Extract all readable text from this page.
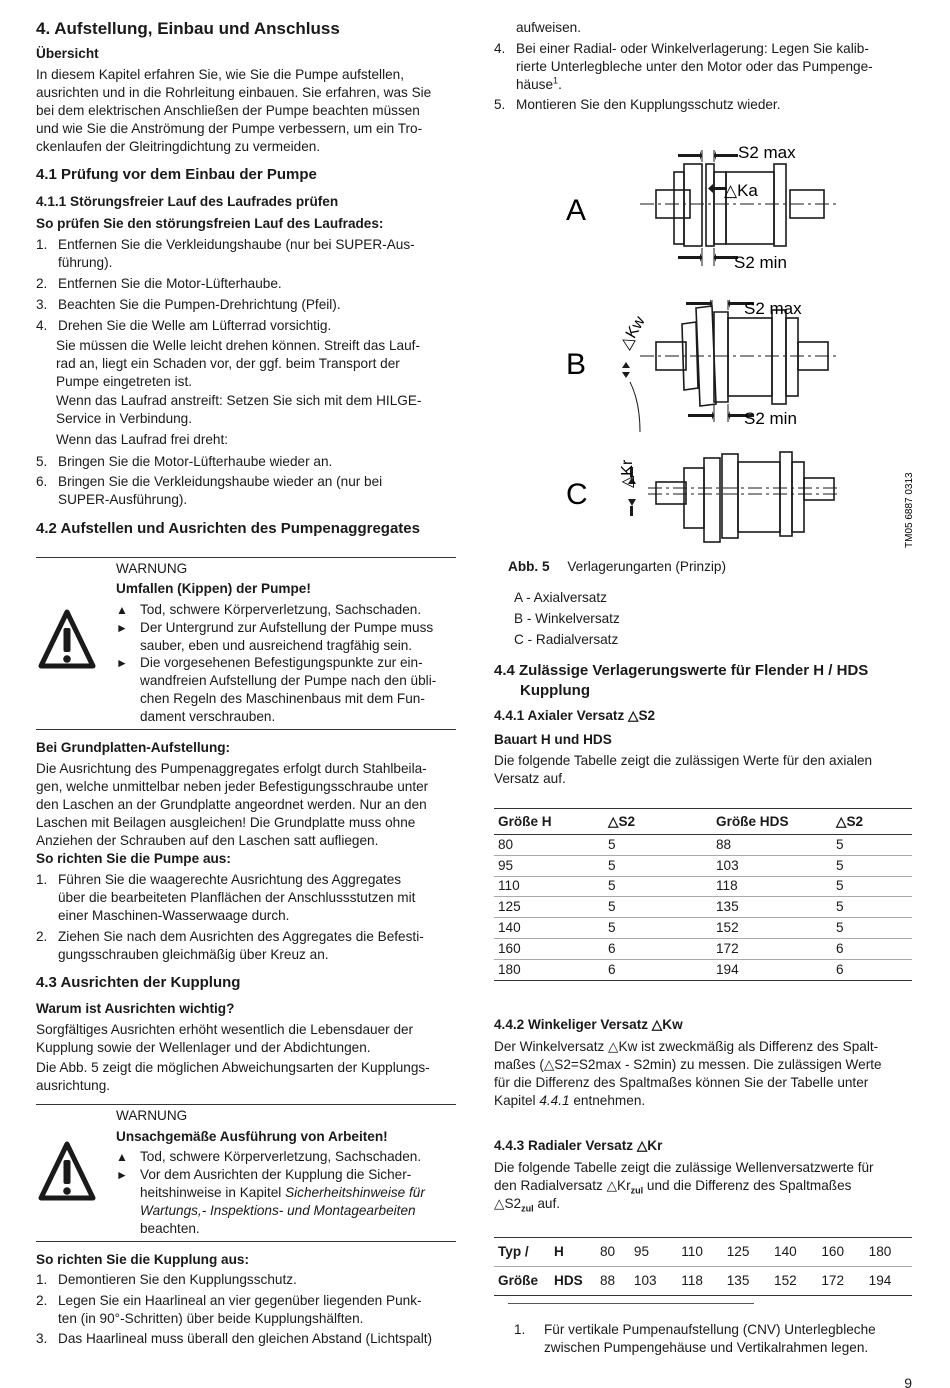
4. Aufstellung, Einbau und Anschluss
Übersicht
In diesem Kapitel erfahren Sie, wie Sie die Pumpe aufstellen,
ausrichten und in die Rohrleitung einbauen. Sie erfahren, was Sie
bei dem elektrischen Anschließen der Pumpe beachten müssen
und wie Sie die Anströmung der Pumpe verbessern, um ein Tro-
ckenlaufen der Gleitringdichtung zu vermeiden.
4.1 Prüfung vor dem Einbau der Pumpe
4.1.1 Störungsfreier Lauf des Laufrades prüfen
So prüfen Sie den störungsfreien Lauf des Laufrades:
1. Entfernen Sie die Verkleidungshaube (nur bei SUPER-Aus-
führung).
2. Entfernen Sie die Motor-Lüfterhaube.
3. Beachten Sie die Pumpen-Drehrichtung (Pfeil).
4. Drehen Sie die Welle am Lüfterrad vorsichtig.
Sie müssen die Welle leicht drehen können. Streift das Lauf-
rad an, liegt ein Schaden vor, der ggf. beim Transport der
Pumpe eingetreten ist.
Wenn das Laufrad anstreift: Setzen Sie sich mit dem HILGE-
Service in Verbindung.
Wenn das Laufrad frei dreht:
5. Bringen Sie die Motor-Lüfterhaube wieder an.
6. Bringen Sie die Verkleidungshaube wieder an (nur bei
SUPER-Ausführung).
4.2 Aufstellen und Ausrichten des Pumpenaggregates
WARNUNG
Umfallen (Kippen) der Pumpe!
▲ Tod, schwere Körperverletzung, Sachschaden.
► Der Untergrund zur Aufstellung der Pumpe muss
sauber, eben und ausreichend tragfähig sein.
► Die vorgesehenen Befestigungspunkte zur ein-
wandfreien Aufstellung der Pumpe nach den übli-
chen Regeln des Maschinenbaus mit dem Fun-
dament verschrauben.
Bei Grundplatten-Aufstellung:
Die Ausrichtung des Pumpenaggregates erfolgt durch Stahlbeila-
gen, welche unmittelbar neben jeder Befestigungsschraube unter
den Laschen an der Grundplatte angeordnet werden. Nur an den
Laschen mit Beilagen ausgleichen! Die Grundplatte muss ohne
Anziehen der Schrauben auf den Laschen satt aufliegen.
So richten Sie die Pumpe aus:
1. Führen Sie die waagerechte Ausrichtung des Aggregates
über die bearbeiteten Planflächen der Anschlussstutzen mit
einer Maschinen-Wasserwaage durch.
2. Ziehen Sie nach dem Ausrichten des Aggregates die Befesti-
gungsschrauben gleichmäßig über Kreuz an.
4.3 Ausrichten der Kupplung
Warum ist Ausrichten wichtig?
Sorgfältiges Ausrichten erhöht wesentlich die Lebensdauer der
Kupplung sowie der Wellenlager und der Abdichtungen.
Die Abb. 5 zeigt die möglichen Abweichungsarten der Kupplungs-
ausrichtung.
WARNUNG
Unsachgemäße Ausführung von Arbeiten!
▲ Tod, schwere Körperverletzung, Sachschaden.
► Vor dem Ausrichten der Kupplung die Sicher-
heitshinweise in Kapitel Sicherheitshinweise für
Wartungs,- Inspektions- und Montagearbeiten
beachten.
So richten Sie die Kupplung aus:
1. Demontieren Sie den Kupplungsschutz.
2. Legen Sie ein Haarlineal an vier gegenüber liegenden Punk-
ten (in 90°-Schritten) über beide Kupplungshälften.
3. Das Haarlineal muss überall den gleichen Abstand (Lichtspalt)
aufweisen.
4. Bei einer Radial- oder Winkelverlagerung: Legen Sie kalib-
rierte Unterlegbleche unter den Motor oder das Pumpenge-
häuse$^1$.
5. Montieren Sie den Kupplungsschutz wieder.
A
B
C
S2 max
S2 min
△Ka
S2 max
S2 min
△Kw
△Kr	TM05 6887 0313
Abb. 5 Verlagerungarten (Prinzip)
A - Axialversatz
B - Winkelversatz
C - Radialversatz
4.4 Zulässige Verlagerungswerte für Flender H / HDS
Kupplung
4.4.1 Axialer Versatz △S2
Bauart H und HDS
Die folgende Tabelle zeigt die zulässigen Werte für den axialen
Versatz auf.
Größe H	△S2	Größe HDS	△S2
80	5	88	5
95	5	103	5
110	5	118	5
125	5	135	5
140	5	152	5
160	6	172	6
180	6	194	6
4.4.2 Winkeliger Versatz △Kw
Der Winkelversatz △Kw ist zweckmäßig als Differenz des Spalt-
maßes (△S2=S2max - S2min) zu messen. Die zulässigen Werte
für die Differenz des Spaltmaßes können Sie der Tabelle unter
Kapitel 4.4.1 entnehmen.
4.4.3 Radialer Versatz △Kr
Die folgende Tabelle zeigt die zulässige Wellenversatzwerte für
den Radialversatz $\triangle Kr_{zul}$ und die Differenz des Spaltmaßes
$\triangle S2_{zul}$ auf.
Typ /	H	80	95	110	125	140	160	180
Größe	HDS	88	103	118	135	152	172	194
1. Für vertikale Pumpenaufstellung (CNV) Unterlegbleche
zwischen Pumpengehäuse und Vertikalrahmen legen.
9
